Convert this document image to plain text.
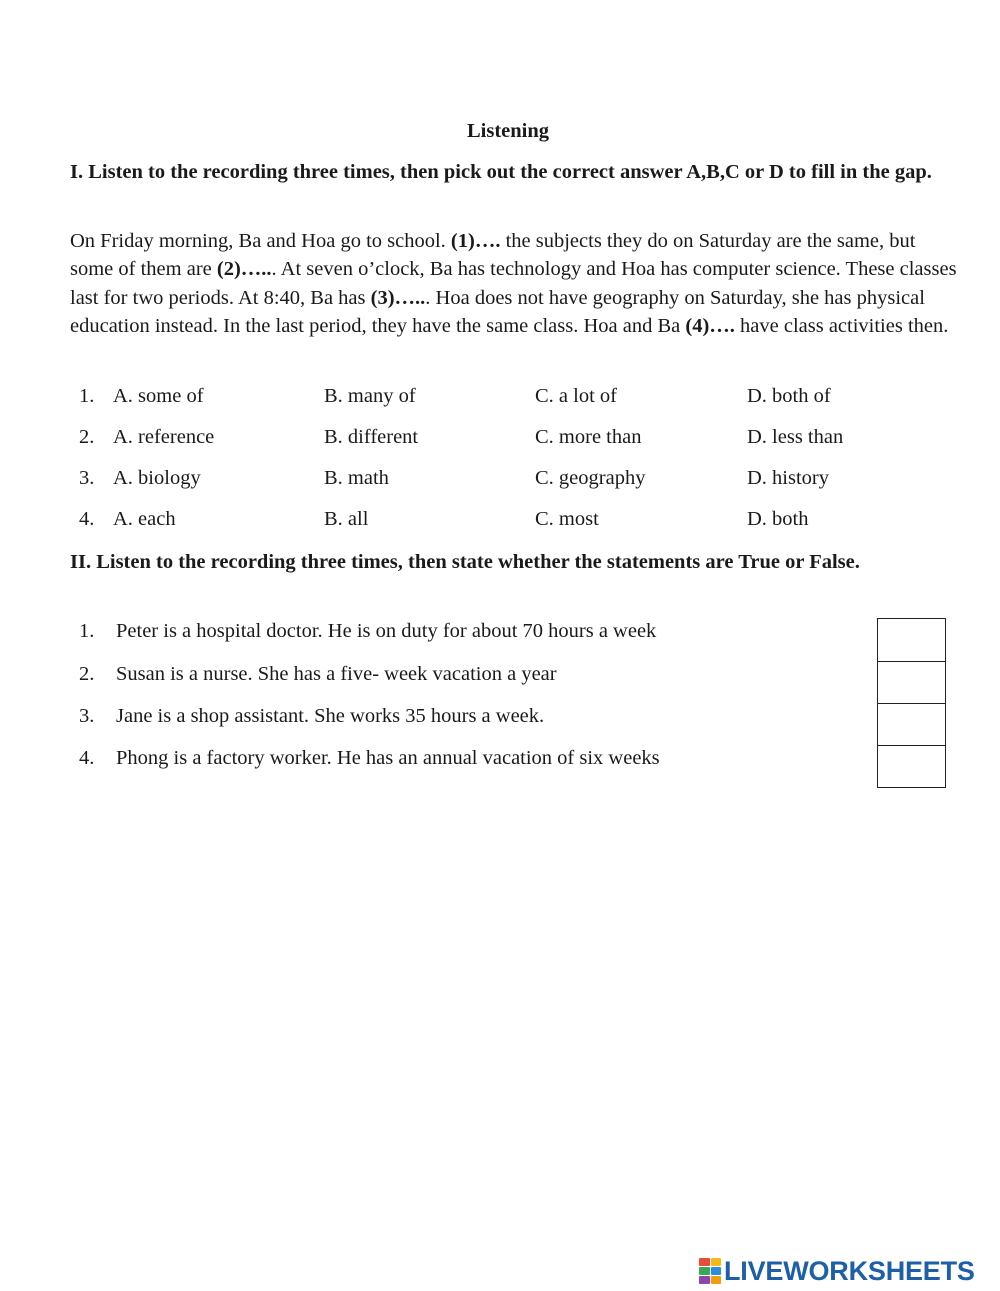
Listening
I. Listen to the recording three times, then pick out the correct answer A,B,C or D to fill in the gap.
On Friday morning, Ba and Hoa go to school. (1)…. the subjects they do on Saturday are the same, but some of them are (2)…... At seven o’clock, Ba has technology and Hoa has computer science. These classes last for two periods. At 8:40, Ba has (3)…... Hoa does not have geography on Saturday, she has physical education instead. In the last period, they have the same class. Hoa and Ba (4)…. have class activities then.
1. A. some of	B. many of	C. a lot of	D. both of
2. A. reference	B. different	C. more than	D. less than
3. A. biology	B. math	C. geography	D. history
4. A. each	B. all	C. most	D. both
II. Listen to the recording three times, then state whether the statements are True or False.
1. Peter is a hospital doctor. He is on duty for about 70 hours a week
2. Susan is a nurse. She has a five- week vacation a year
3. Jane is a shop assistant. She works 35 hours a week.
4. Phong is a factory worker. He has an annual vacation of six weeks
LIVEWORKSHEETS
